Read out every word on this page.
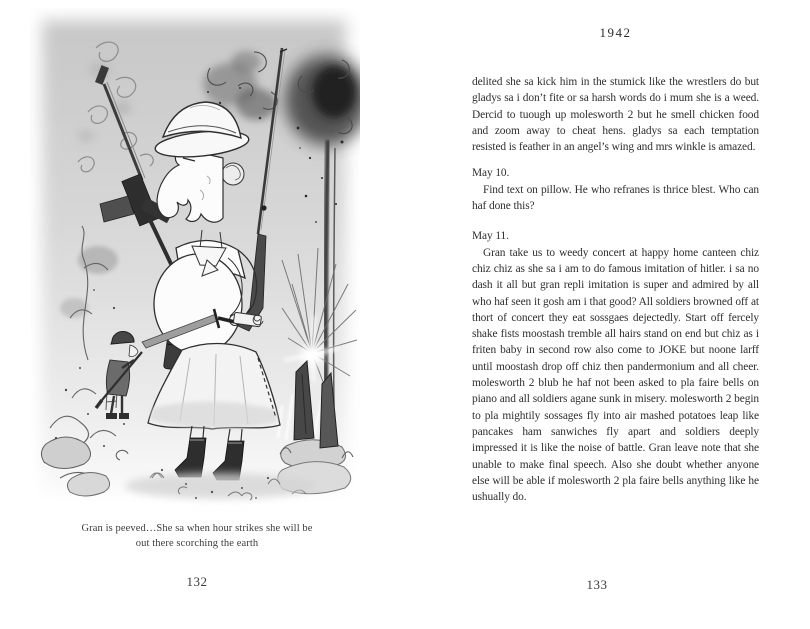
Gran is peeved…She sa when hour strikes she will be
out there scorching the earth
132
1942

delited she sa kick him in the stumick like the wrestlers do but gladys sa i don’t fite or sa harsh words do i mum she is a weed. Dercid to tuough up molesworth 2 but he smell chicken food and zoom away to cheat hens. gladys sa each temptation resisted is feather in an angel’s wing and mrs winkle is amazed.

May 10.

Find text on pillow. He who refranes is thrice blest. Who can haf done this?

May 11.

Gran take us to weedy concert at happy home canteen chiz chiz chiz as she sa i am to do famous imitation of hitler. i sa no dash it all but gran repli imitation is super and admired by all who haf seen it gosh am i that good? All soldiers browned off at thort of concert they eat sossgaes dejectedly. Start off fercely shake fists moostash tremble all hairs stand on end but chiz as i friten baby in second row also come to JOKE but noone larff until moostash drop off chiz then pandermonium and all cheer. molesworth 2 blub he haf not been asked to pla faire bells on piano and all soldiers agane sunk in misery. molesworth 2 begin to pla mightily sossages fly into air mashed potatoes leap like pancakes ham sanwiches fly apart and soldiers deeply impressed it is like the noise of battle. Gran leave note that she unable to make final speech. Also she doubt whether anyone else will be able if molesworth 2 pla faire bells anything like he ushually do.

133
